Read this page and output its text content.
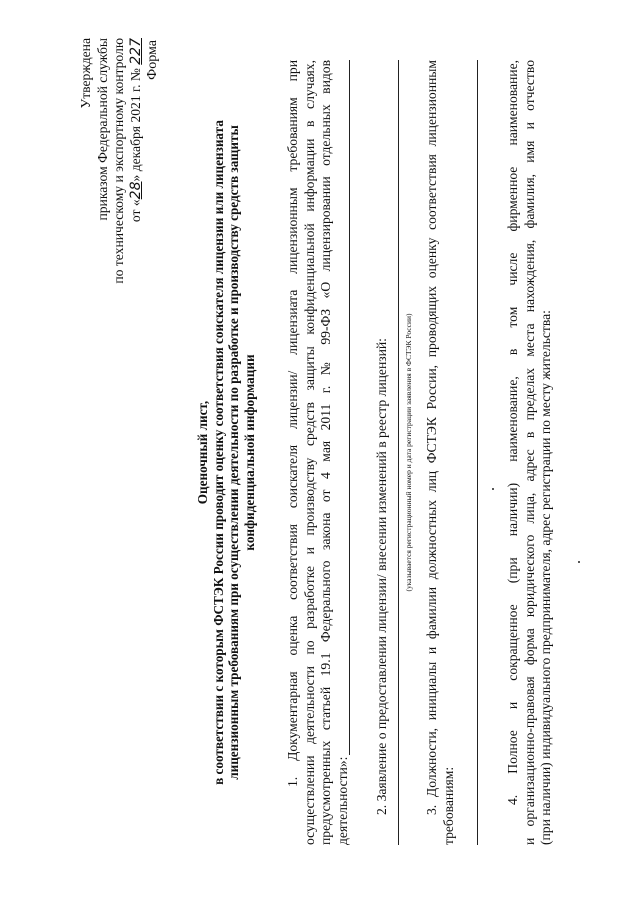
Утверждена приказом Федеральной службы по техническому и экспортному контролю от «28» декабря 2021 г. № 227 Форма
Оценочный лист, в соответствии с которым ФСТЭК России проводит оценку соответствия соискателя лицензии или лицензиата лицензионным требованиям при осуществлении деятельности по разработке и производству средств защиты конфиденциальной информации 1. Документарная оценка соответствия соискателя лицензии/ лицензиата лицензионным требованиям при осуществлении деятельности по разработке и производству средств защиты конфиденциальной информации в случаях, предусмотренных статьей 19.1 Федерального закона от 4 мая 2011 г. № 99-ФЗ «О лицензировании отдельных видов деятельности»: 2. Заявление о предоставлении лицензии/ внесении изменений в реестр лицензий: (указывается регистрационный номер и дата регистрации заявления в ФСТЭК России) 3. Должности, инициалы и фамилии должностных лиц ФСТЭК России, проводящих оценку соответствия лицензионным требованиям:
4. Полное и сокращенное (при наличии) наименование, в том числе фирменное наименование, и организационно-правовая форма юридического лица, адрес в пределах места нахождения, фамилия, имя и отчество (при наличии) индивидуального предпринимателя, адрес регистрации по месту жительства:
